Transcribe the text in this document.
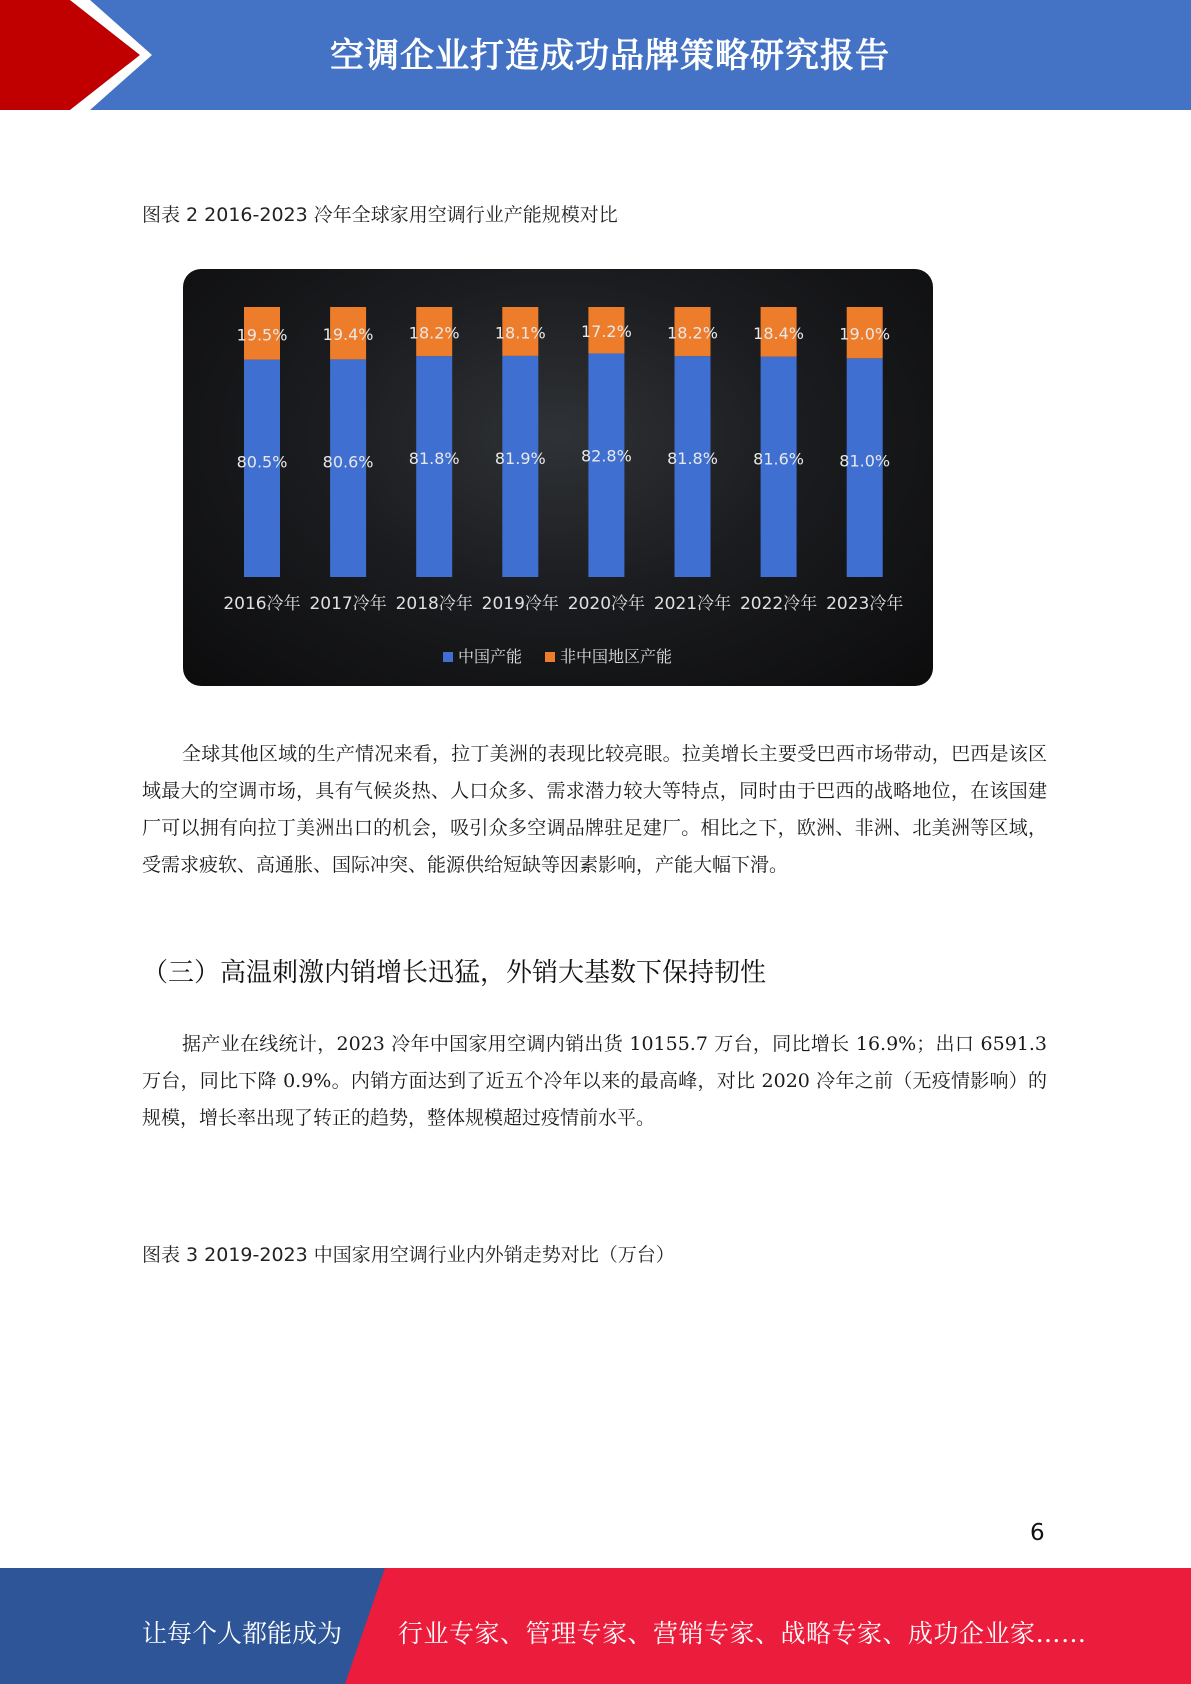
空调企业打造成功品牌策略研究报告
图表 2 2016-2023 冷年全球家用空调行业产能规模对比
80.5%
19.5%
2016冷年
80.6%
19.4%
2017冷年
81.8%
18.2%
2018冷年
81.9%
18.1%
2019冷年
82.8%
17.2%
2020冷年
81.8%
18.2%
2021冷年
81.6%
18.4%
2022冷年
81.0%
19.0%
2023冷年
中国产能 非中国地区产能

全球其他区域的生产情况来看，拉丁美洲的表现比较亮眼。拉美增长主要受巴西市场带动，巴西是该区域最大的空调市场，具有气候炎热、人口众多、需求潜力较大等特点，同时由于巴西的战略地位，在该国建厂可以拥有向拉丁美洲出口的机会，吸引众多空调品牌驻足建厂。相比之下，欧洲、非洲、北美洲等区域，受需求疲软、高通胀、国际冲突、能源供给短缺等因素影响，产能大幅下滑。

（三）高温刺激内销增长迅猛，外销大基数下保持韧性

据产业在线统计，2023 冷年中国家用空调内销出货 10155.7 万台，同比增长 16.9%；出口 6591.3 万台，同比下降 0.9%。内销方面达到了近五个冷年以来的最高峰，对比 2020 冷年之前（无疫情影响）的规模，增长率出现了转正的趋势，整体规模超过疫情前水平。

图表 3 2019-2023 中国家用空调行业内外销走势对比（万台）
6
让每个人都能成为 行业专家、管理专家、营销专家、战略专家、成功企业家……
